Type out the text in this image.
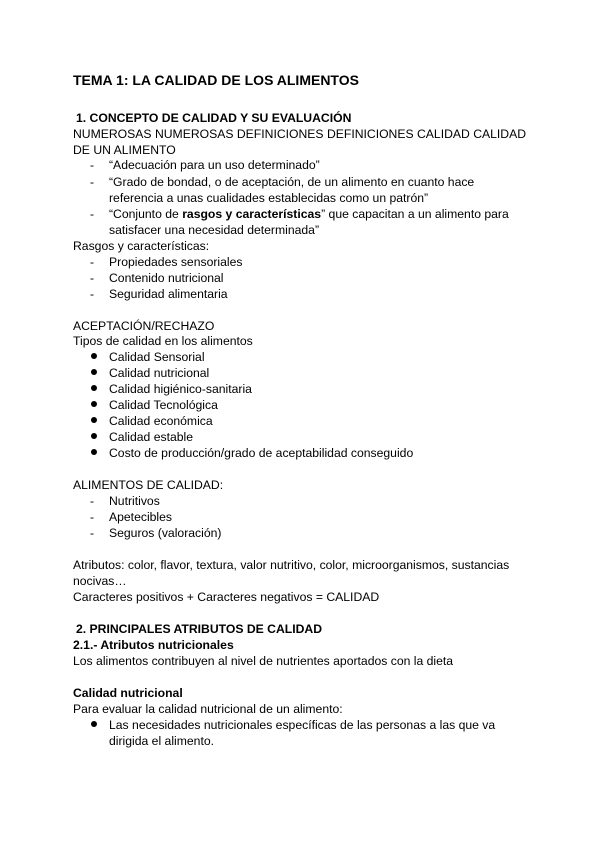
TEMA 1: LA CALIDAD DE LOS ALIMENTOS
1. CONCEPTO DE CALIDAD Y SU EVALUACIÓN
NUMEROSAS NUMEROSAS DEFINICIONES DEFINICIONES CALIDAD CALIDAD
DE UN ALIMENTO
- “Adecuación para un uso determinado”
- “Grado de bondad, o de aceptación, de un alimento en cuanto hace
referencia a unas cualidades establecidas como un patrón”
- “Conjunto de rasgos y características” que capacitan a un alimento para
satisfacer una necesidad determinada”
Rasgos y características:
- Propiedades sensoriales
- Contenido nutricional
- Seguridad alimentaria
ACEPTACIÓN/RECHAZO
Tipos de calidad en los alimentos
Calidad Sensorial
Calidad nutricional
Calidad higiénico-sanitaria
Calidad Tecnológica
Calidad económica
Calidad estable
Costo de producción/grado de aceptabilidad conseguido
ALIMENTOS DE CALIDAD:
- Nutritivos
- Apetecibles
- Seguros (valoración)
Atributos: color, flavor, textura, valor nutritivo, color, microorganismos, sustancias
nocivas…
Caracteres positivos + Caracteres negativos = CALIDAD
2. PRINCIPALES ATRIBUTOS DE CALIDAD
2.1.- Atributos nutricionales
Los alimentos contribuyen al nivel de nutrientes aportados con la dieta
Calidad nutricional
Para evaluar la calidad nutricional de un alimento:
Las necesidades nutricionales específicas de las personas a las que va
dirigida el alimento.
